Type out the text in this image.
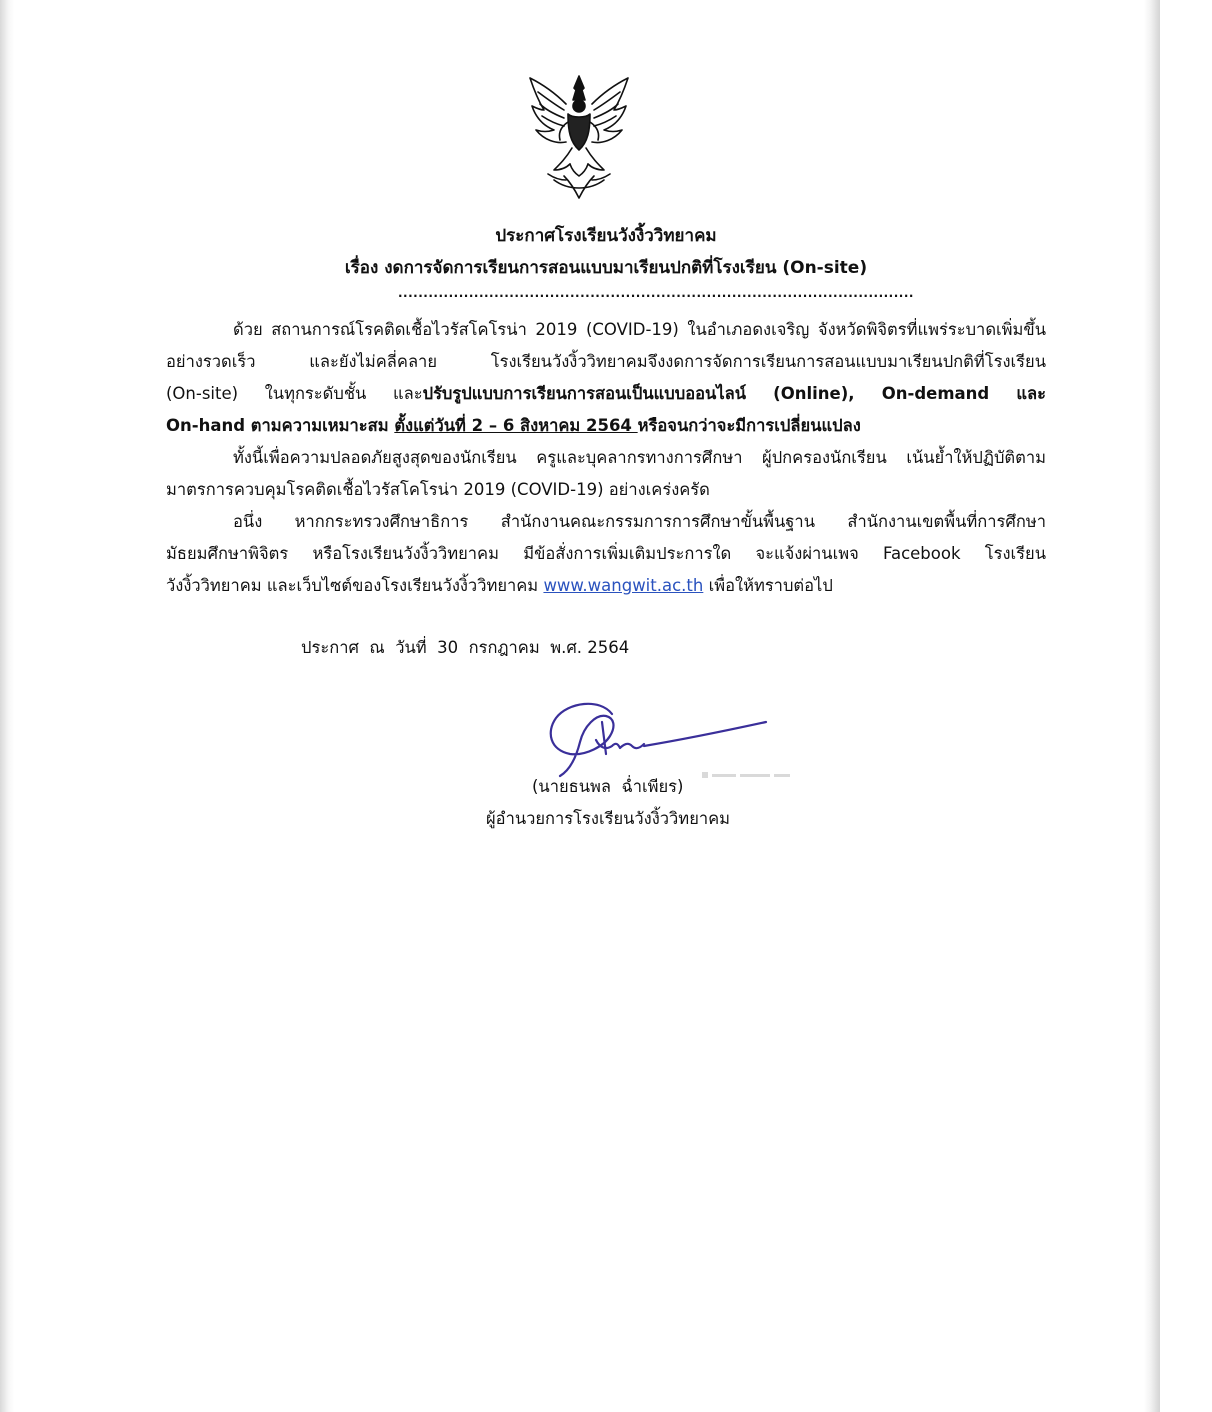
ประกาศโรงเรียนวังงิ้ววิทยาคม
เรื่อง งดการจัดการเรียนการสอนแบบมาเรียนปกติที่โรงเรียน (On-site)
......................................................................................................
ด้วย สถานการณ์โรคติดเชื้อไวรัสโคโรน่า 2019 (COVID-19) ในอำเภอดงเจริญ จังหวัดพิจิตรที่แพร่ระบาดเพิ่มขึ้น
อย่างรวดเร็ว และยังไม่คลี่คลาย โรงเรียนวังงิ้ววิทยาคมจึงงดการจัดการเรียนการสอนแบบมาเรียนปกติที่โรงเรียน
(On-site) ในทุกระดับชั้น และปรับรูปแบบการเรียนการสอนเป็นแบบออนไลน์ (Online), On-demand และ
On-hand ตามความเหมาะสม ตั้งแต่วันที่ 2 – 6 สิงหาคม 2564 หรือจนกว่าจะมีการเปลี่ยนแปลง
ทั้งนี้เพื่อความปลอดภัยสูงสุดของนักเรียน ครูและบุคลากรทางการศึกษา ผู้ปกครองนักเรียน เน้นย้ำให้ปฏิบัติตาม
มาตรการควบคุมโรคติดเชื้อไวรัสโคโรน่า 2019 (COVID-19) อย่างเคร่งครัด
อนึ่ง หากกระทรวงศึกษาธิการ สำนักงานคณะกรรมการการศึกษาขั้นพื้นฐาน สำนักงานเขตพื้นที่การศึกษา
มัธยมศึกษาพิจิตร หรือโรงเรียนวังงิ้ววิทยาคม มีข้อสั่งการเพิ่มเติมประการใด จะแจ้งผ่านเพจ Facebook โรงเรียน
วังงิ้ววิทยาคม และเว็บไซต์ของโรงเรียนวังงิ้ววิทยาคม www.wangwit.ac.th เพื่อให้ทราบต่อไป
ประกาศ  ณ  วันที่  30  กรกฎาคม  พ.ศ. 2564
(นายธนพล  ฉ่ำเพียร)
ผู้อำนวยการโรงเรียนวังงิ้ววิทยาคม
